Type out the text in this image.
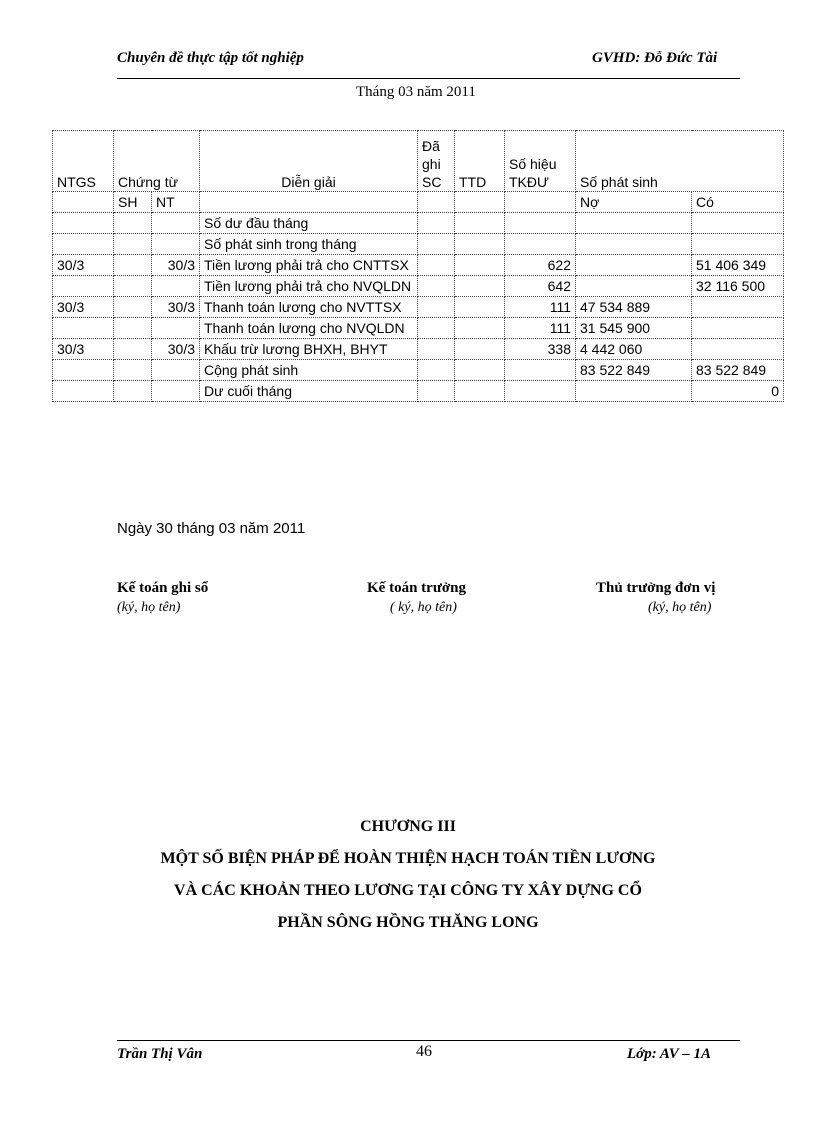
Chuyên đề thực tập tốt nghiệp	GVHD: Đỗ Đức Tài
Tháng 03 năm 2011
NTGS	Chứng từ		Diễn giải	Đã ghi SC	TTD	Số hiệu TKĐƯ	Số phát sinh	
	SH	NT					Nợ	Có
			Số dư đầu tháng					
			Số phát sinh trong tháng					
30/3		30/3	Tiền lương phải trả cho CNTTSX			622		51 406 349
			Tiền lương phải trả cho NVQLDN			642		32 116 500
30/3		30/3	Thanh toán lương cho NVTTSX			111	47 534 889	
			Thanh toán lương cho NVQLDN			111	31 545 900	
30/3		30/3	Khấu trừ lương BHXH, BHYT			338	4 442 060	
			Cộng phát sinh				83 522 849	83 522 849
			Dư cuối tháng					0
Ngày 30 tháng 03 năm 2011
Kế toán ghi sổ
(ký, họ tên)
Kế toán trưởng
( ký, họ tên)
Thủ trưởng đơn vị
(ký, họ tên)
CHƯƠNG III
MỘT SỐ BIỆN PHÁP ĐỂ HOÀN THIỆN HẠCH TOÁN TIỀN LƯƠNG
VÀ CÁC KHOẢN THEO LƯƠNG TẠI CÔNG TY XÂY DỰNG CỔ
PHẦN SÔNG HỒNG THĂNG LONG
Trần Thị Vân	46	Lớp: AV – 1A
